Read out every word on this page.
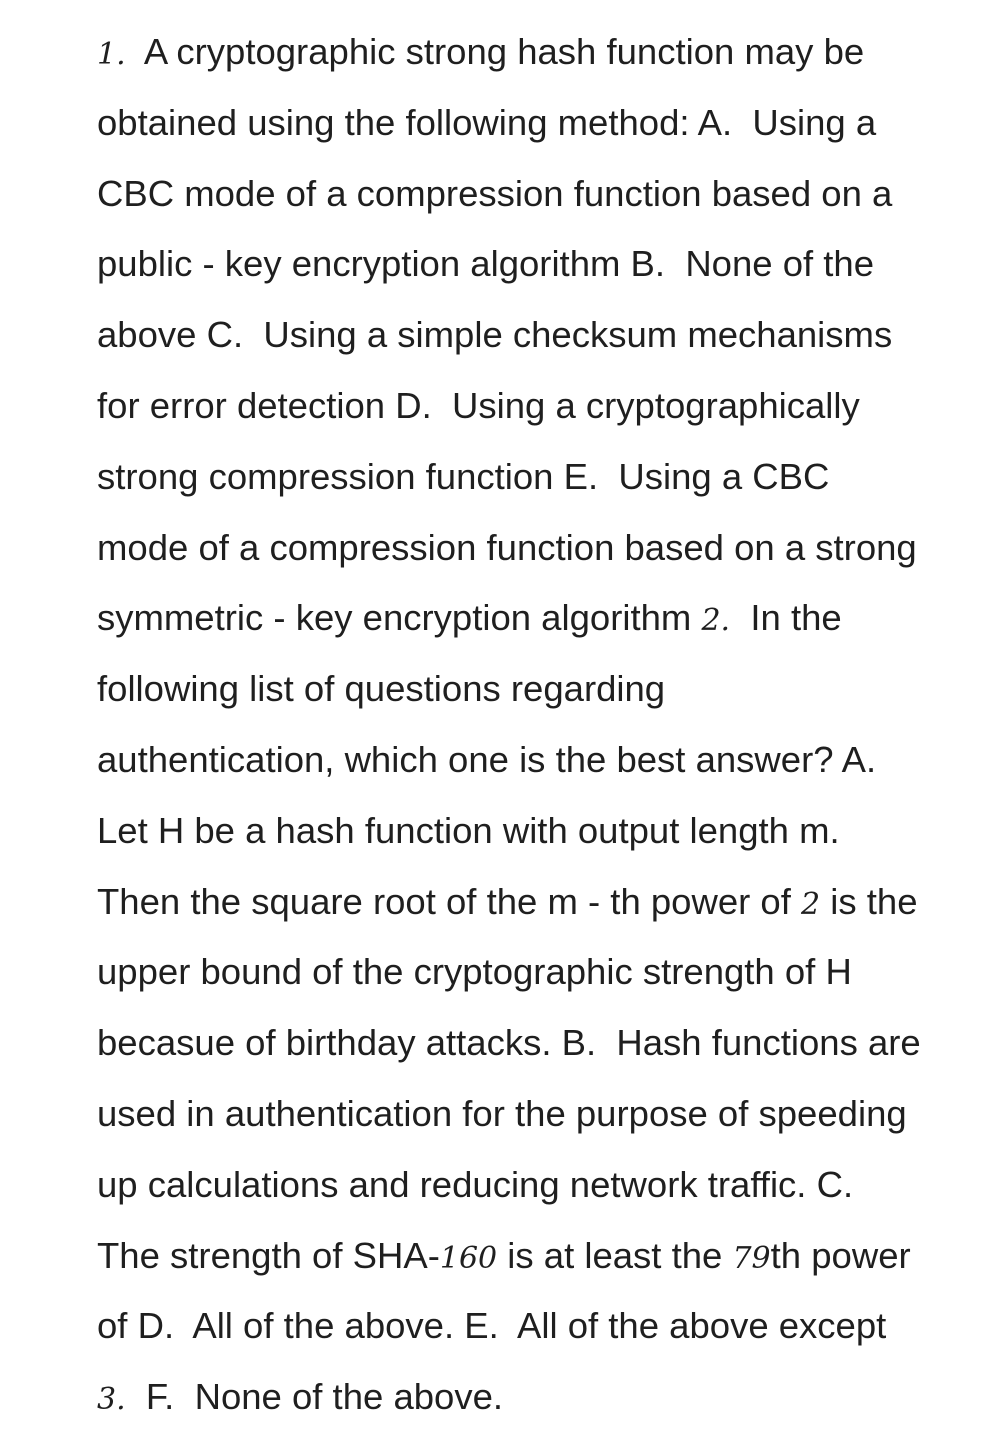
1.  A cryptographic strong hash function may be
obtained using the following method: A.  Using a
CBC mode of a compression function based on a
public - key encryption algorithm B.  None of the
above C.  Using a simple checksum mechanisms
for error detection D.  Using a cryptographically
strong compression function E.  Using a CBC
mode of a compression function based on a strong
symmetric - key encryption algorithm 2.  In the
following list of questions regarding
authentication, which one is the best answer? A.
Let H be a hash function with output length m.
Then the square root of the m - th power of 2 is the
upper bound of the cryptographic strength of H
becasue of birthday attacks. B.  Hash functions are
used in authentication for the purpose of speeding
up calculations and reducing network traffic. C.
The strength of SHA-160 is at least the 79th power
of D.  All of the above. E.  All of the above except
3.  F.  None of the above.
